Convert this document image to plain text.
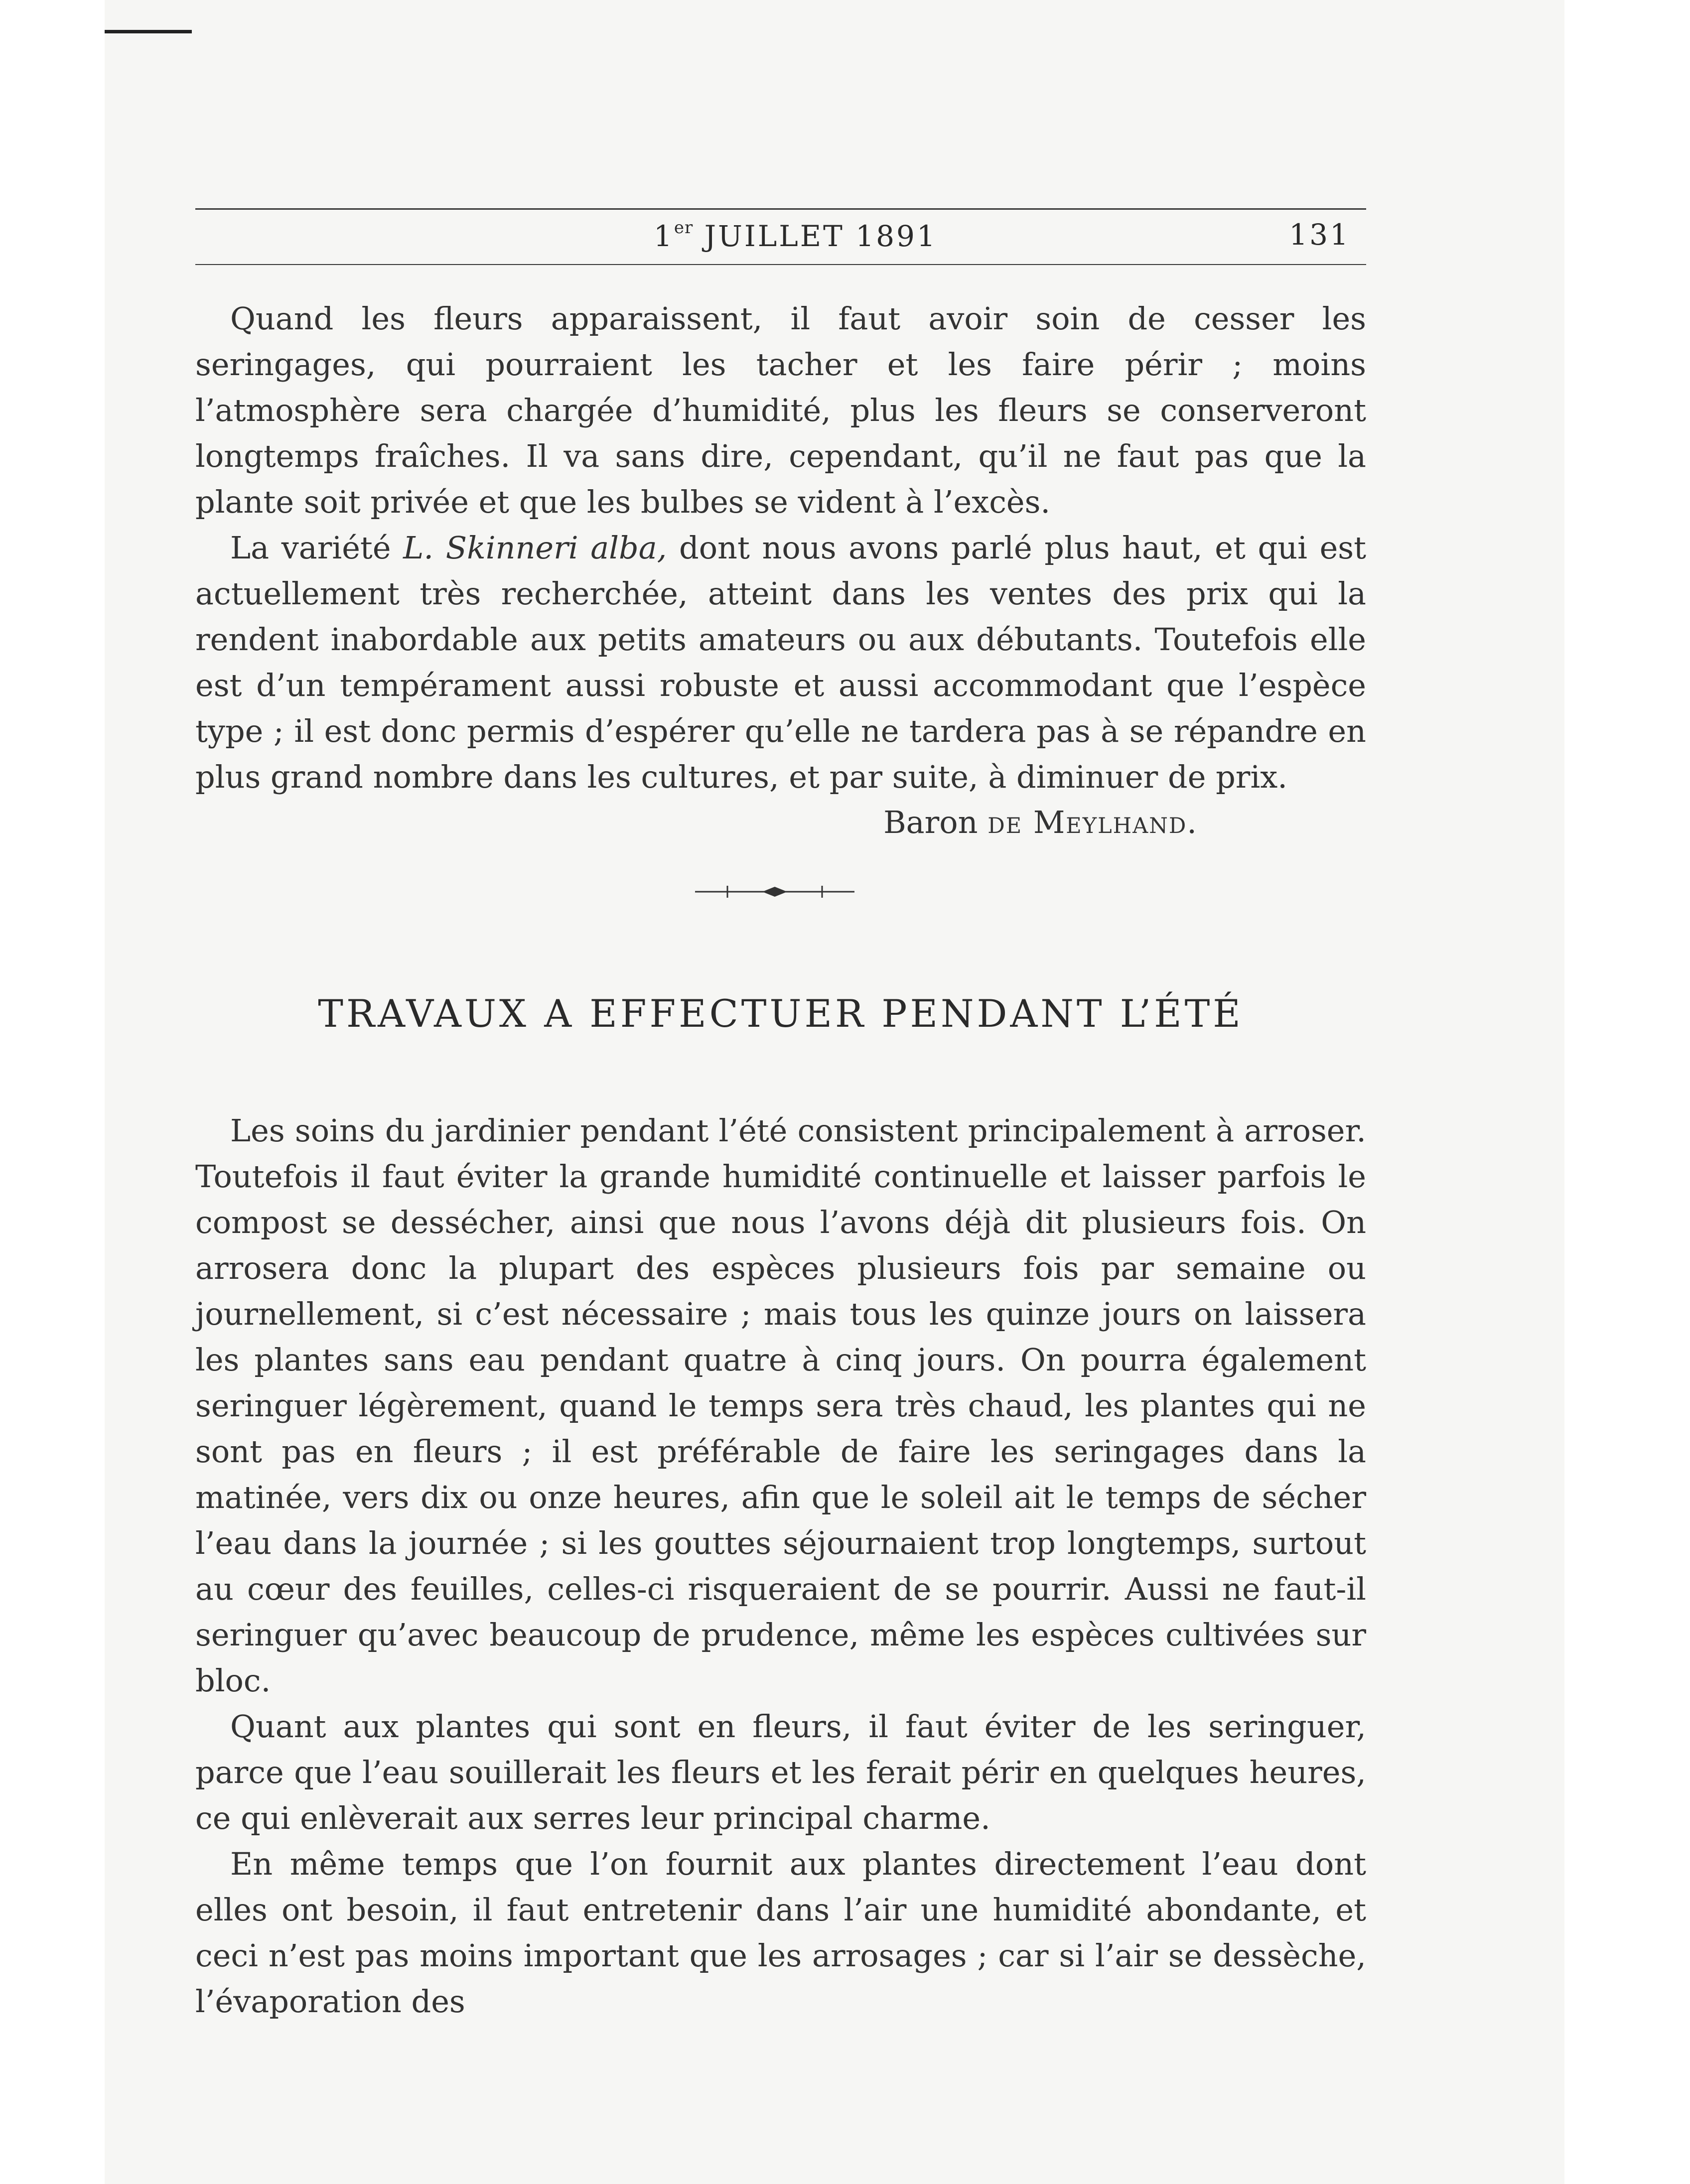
1er JUILLET 1891	131

Quand les fleurs apparaissent, il faut avoir soin de cesser les seringages, qui pourraient les tacher et les faire périr ; moins l’atmosphère sera chargée d’humidité, plus les fleurs se conserveront longtemps fraîches. Il va sans dire, cependant, qu’il ne faut pas que la plante soit privée et que les bulbes se vident à l’excès.

La variété L. Skinneri alba, dont nous avons parlé plus haut, et qui est actuellement très recherchée, atteint dans les ventes des prix qui la rendent inabordable aux petits amateurs ou aux débutants. Toutefois elle est d’un tempérament aussi robuste et aussi accommodant que l’espèce type ; il est donc permis d’espérer qu’elle ne tardera pas à se répandre en plus grand nombre dans les cultures, et par suite, à diminuer de prix.

Baron de Meylhand.
TRAVAUX A EFFECTUER PENDANT L’ÉTÉ

Les soins du jardinier pendant l’été consistent principalement à arroser. Toutefois il faut éviter la grande humidité continuelle et laisser parfois le compost se dessécher, ainsi que nous l’avons déjà dit plusieurs fois. On arrosera donc la plupart des espèces plusieurs fois par semaine ou journellement, si c’est nécessaire ; mais tous les quinze jours on laissera les plantes sans eau pendant quatre à cinq jours. On pourra également seringuer légèrement, quand le temps sera très chaud, les plantes qui ne sont pas en fleurs ; il est préférable de faire les seringages dans la matinée, vers dix ou onze heures, afin que le soleil ait le temps de sécher l’eau dans la journée ; si les gouttes séjournaient trop longtemps, surtout au cœur des feuilles, celles-ci risqueraient de se pourrir. Aussi ne faut-il seringuer qu’avec beaucoup de prudence, même les espèces cultivées sur bloc.

Quant aux plantes qui sont en fleurs, il faut éviter de les seringuer, parce que l’eau souillerait les fleurs et les ferait périr en quelques heures, ce qui enlèverait aux serres leur principal charme.

En même temps que l’on fournit aux plantes directement l’eau dont elles ont besoin, il faut entretenir dans l’air une humidité abondante, et ceci n’est pas moins important que les arrosages ; car si l’air se dessèche, l’évaporation des
